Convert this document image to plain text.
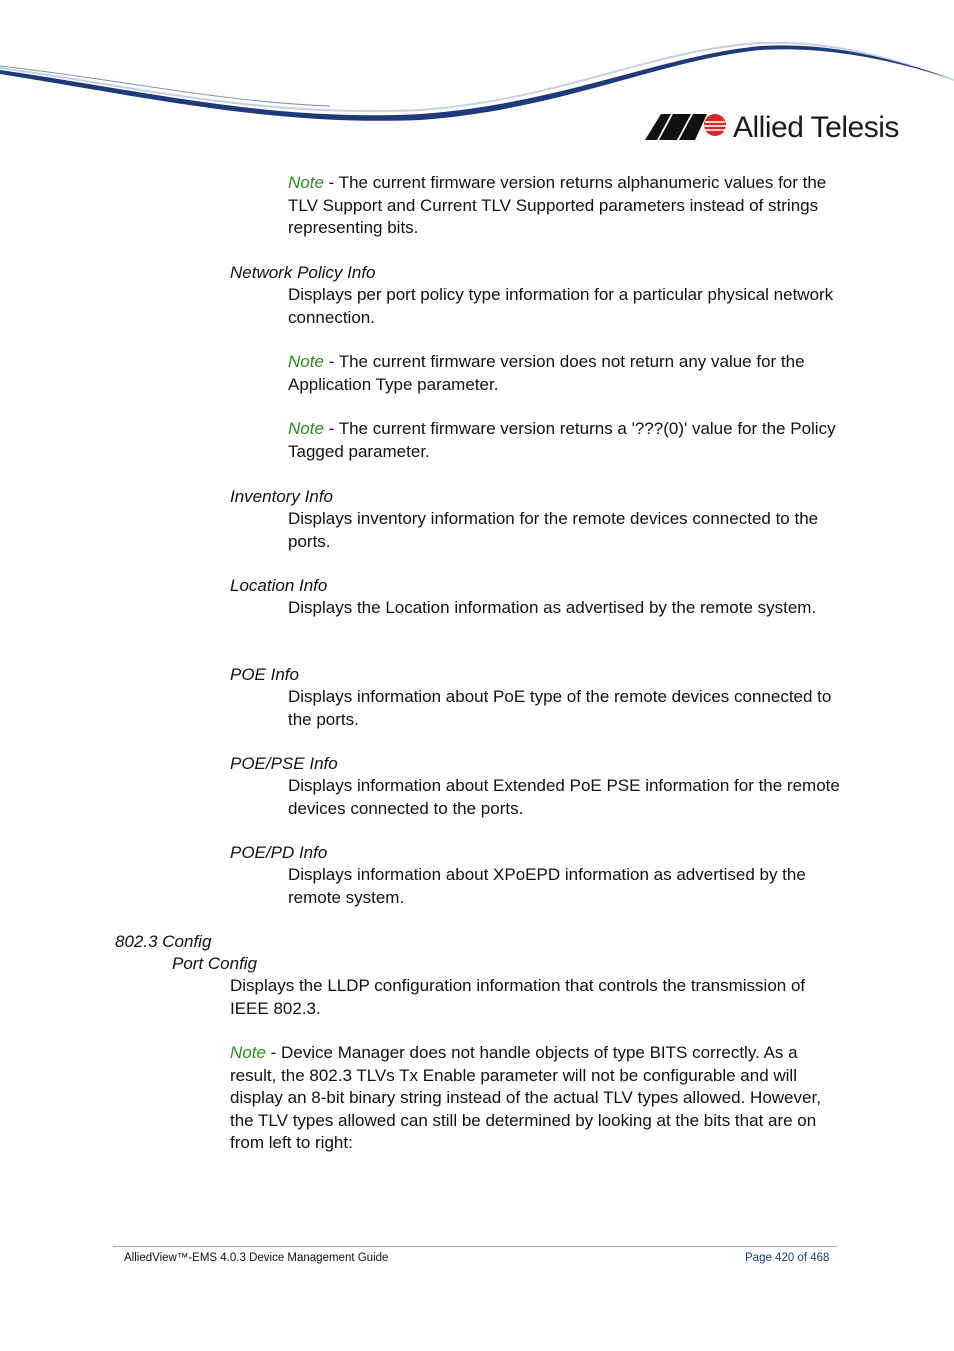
Allied Telesis

Note - The current firmware version returns alphanumeric values for the TLV Support and Current TLV Supported parameters instead of strings representing bits.

Network Policy Info

Displays per port policy type information for a particular physical network connection.

Note - The current firmware version does not return any value for the Application Type parameter.

Note - The current firmware version returns a '???(0)' value for the Policy Tagged parameter.

Inventory Info

Displays inventory information for the remote devices connected to the ports.

Location Info

Displays the Location information as advertised by the remote system.

POE Info

Displays information about PoE type of the remote devices connected to the ports.

POE/PSE Info

Displays information about Extended PoE PSE information for the remote devices connected to the ports.

POE/PD Info

Displays information about XPoEPD information as advertised by the remote system.

802.3 Config

Port Config

Displays the LLDP configuration information that controls the transmission of IEEE 802.3.

Note - Device Manager does not handle objects of type BITS correctly. As a result, the 802.3 TLVs Tx Enable parameter will not be configurable and will display an 8-bit binary string instead of the actual TLV types allowed. However, the TLV types allowed can still be determined by looking at the bits that are on from left to right:

AlliedView™-EMS 4.0.3 Device Management Guide	Page 420 of 468
